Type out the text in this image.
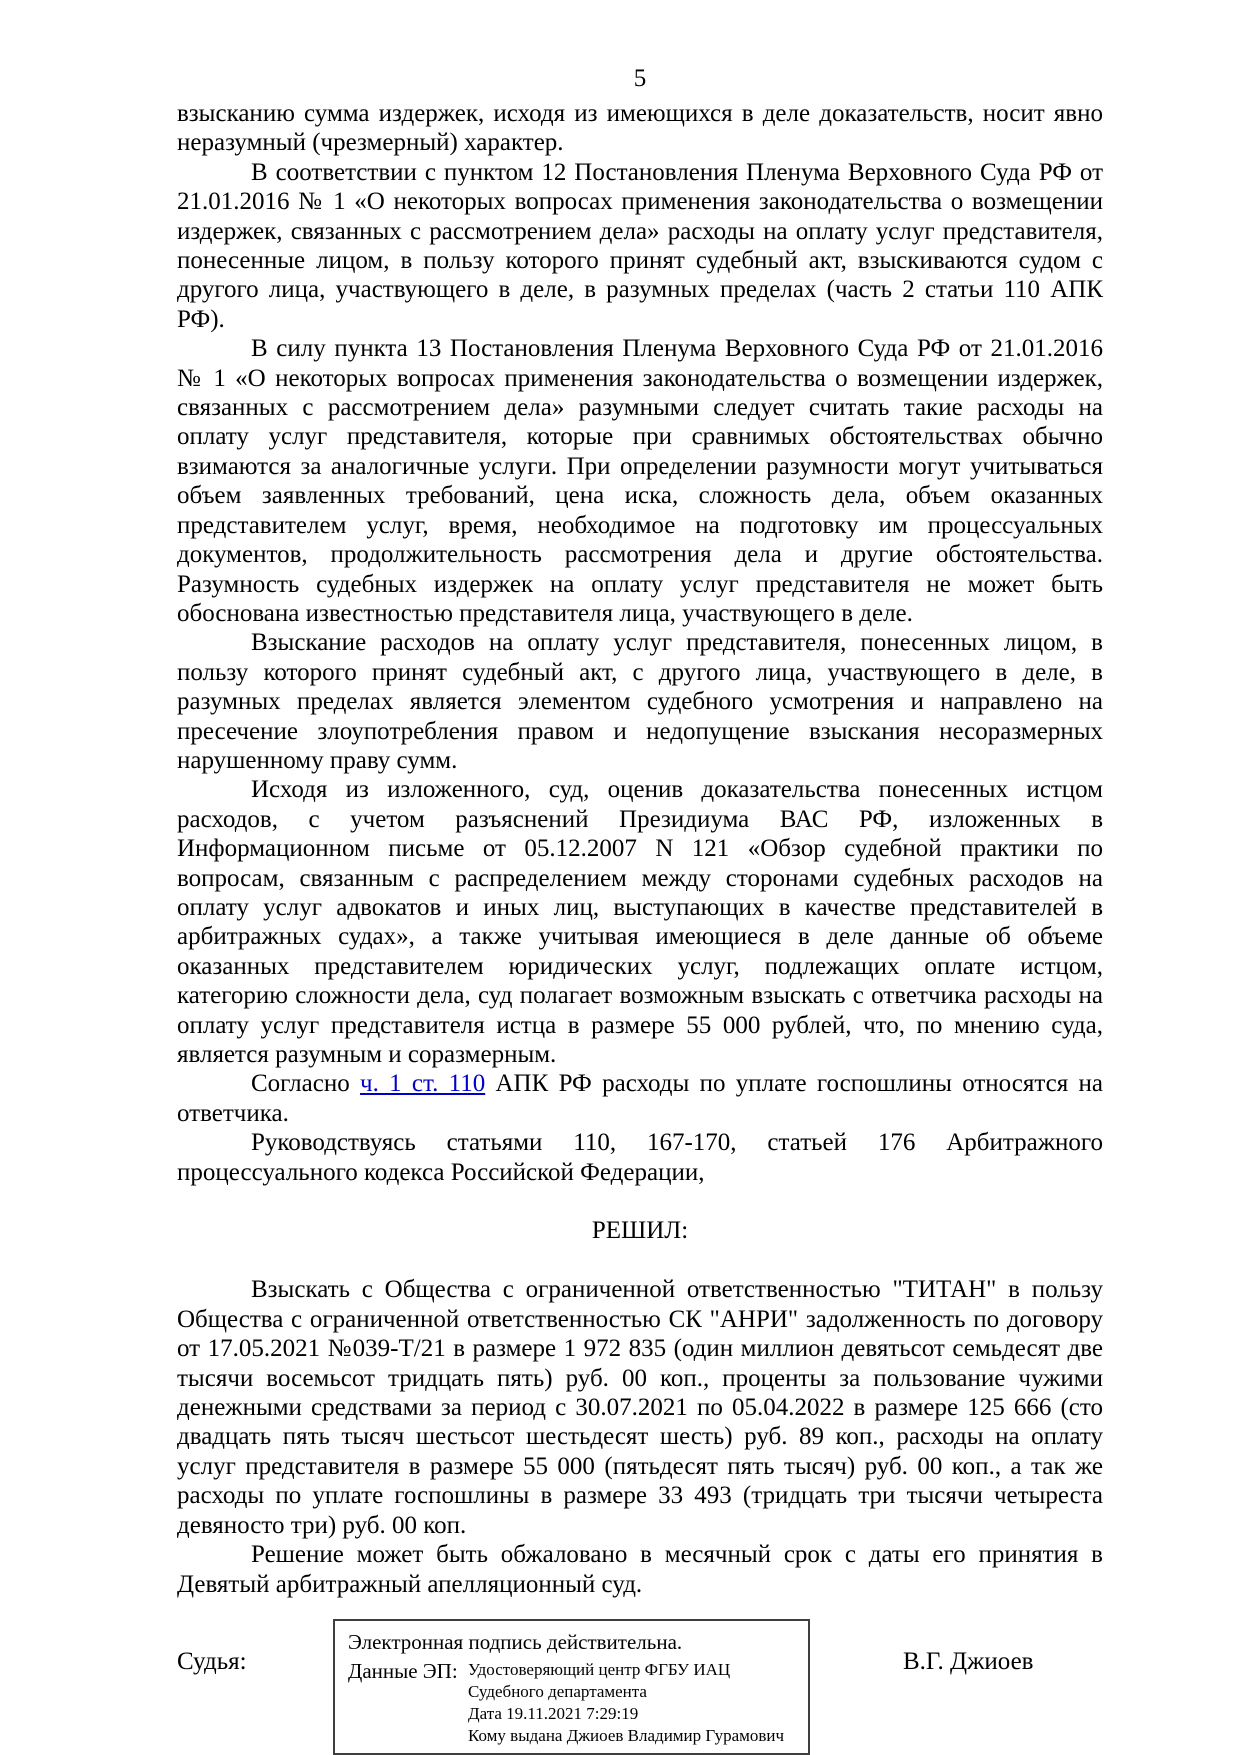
5

взысканию сумма издержек, исходя из имеющихся в деле доказательств, носит явно неразумный (чрезмерный) характер.

В соответствии с пунктом 12 Постановления Пленума Верховного Суда РФ от 21.01.2016 № 1 «О некоторых вопросах применения законодательства о возмещении издержек, связанных с рассмотрением дела» расходы на оплату услуг представителя, понесенные лицом, в пользу которого принят судебный акт, взыскиваются судом с другого лица, участвующего в деле, в разумных пределах (часть 2 статьи 110 АПК РФ).

В силу пункта 13 Постановления Пленума Верховного Суда РФ от 21.01.2016 № 1 «О некоторых вопросах применения законодательства о возмещении издержек, связанных с рассмотрением дела» разумными следует считать такие расходы на оплату услуг представителя, которые при сравнимых обстоятельствах обычно взимаются за аналогичные услуги. При определении разумности могут учитываться объем заявленных требований, цена иска, сложность дела, объем оказанных представителем услуг, время, необходимое на подготовку им процессуальных документов, продолжительность рассмотрения дела и другие обстоятельства. Разумность судебных издержек на оплату услуг представителя не может быть обоснована известностью представителя лица, участвующего в деле.

Взыскание расходов на оплату услуг представителя, понесенных лицом, в пользу которого принят судебный акт, с другого лица, участвующего в деле, в разумных пределах является элементом судебного усмотрения и направлено на пресечение злоупотребления правом и недопущение взыскания несоразмерных нарушенному праву сумм.

Исходя из изложенного, суд, оценив доказательства понесенных истцом расходов, с учетом разъяснений Президиума ВАС РФ, изложенных в Информационном письме от 05.12.2007 N 121 «Обзор судебной практики по вопросам, связанным с распределением между сторонами судебных расходов на оплату услуг адвокатов и иных лиц, выступающих в качестве представителей в арбитражных судах», а также учитывая имеющиеся в деле данные об объеме оказанных представителем юридических услуг, подлежащих оплате истцом, категорию сложности дела, суд полагает возможным взыскать с ответчика расходы на оплату услуг представителя истца в размере 55 000 рублей, что, по мнению суда, является разумным и соразмерным.

Согласно ч. 1 ст. 110 АПК РФ расходы по уплате госпошлины относятся на ответчика.

Руководствуясь статьями 110, 167-170, статьей 176 Арбитражного процессуального кодекса Российской Федерации,

РЕШИЛ:

Взыскать с Общества с ограниченной ответственностью "ТИТАН" в пользу Общества с ограниченной ответственностью СК "АНРИ" задолженность по договору от 17.05.2021 №039-Т/21 в размере 1 972 835 (один миллион девятьсот семьдесят две тысячи восемьсот тридцать пять) руб. 00 коп., проценты за пользование чужими денежными средствами за период с 30.07.2021 по 05.04.2022 в размере 125 666 (сто двадцать пять тысяч шестьсот шестьдесят шесть) руб. 89 коп., расходы на оплату услуг представителя в размере 55 000 (пятьдесят пять тысяч) руб. 00 коп., а так же расходы по уплате госпошлины в размере 33 493 (тридцать три тысячи четыреста девяносто три) руб. 00 коп.

Решение может быть обжаловано в месячный срок с даты его принятия в Девятый арбитражный апелляционный суд.

Судья:
Электронная подпись действительна.
Данные ЭП: Удостоверяющий центр ФГБУ ИАЦ Судебного департамента
Дата 19.11.2021 7:29:19
Кому выдана Джиоев Владимир Гурамович
В.Г. Джиоев
